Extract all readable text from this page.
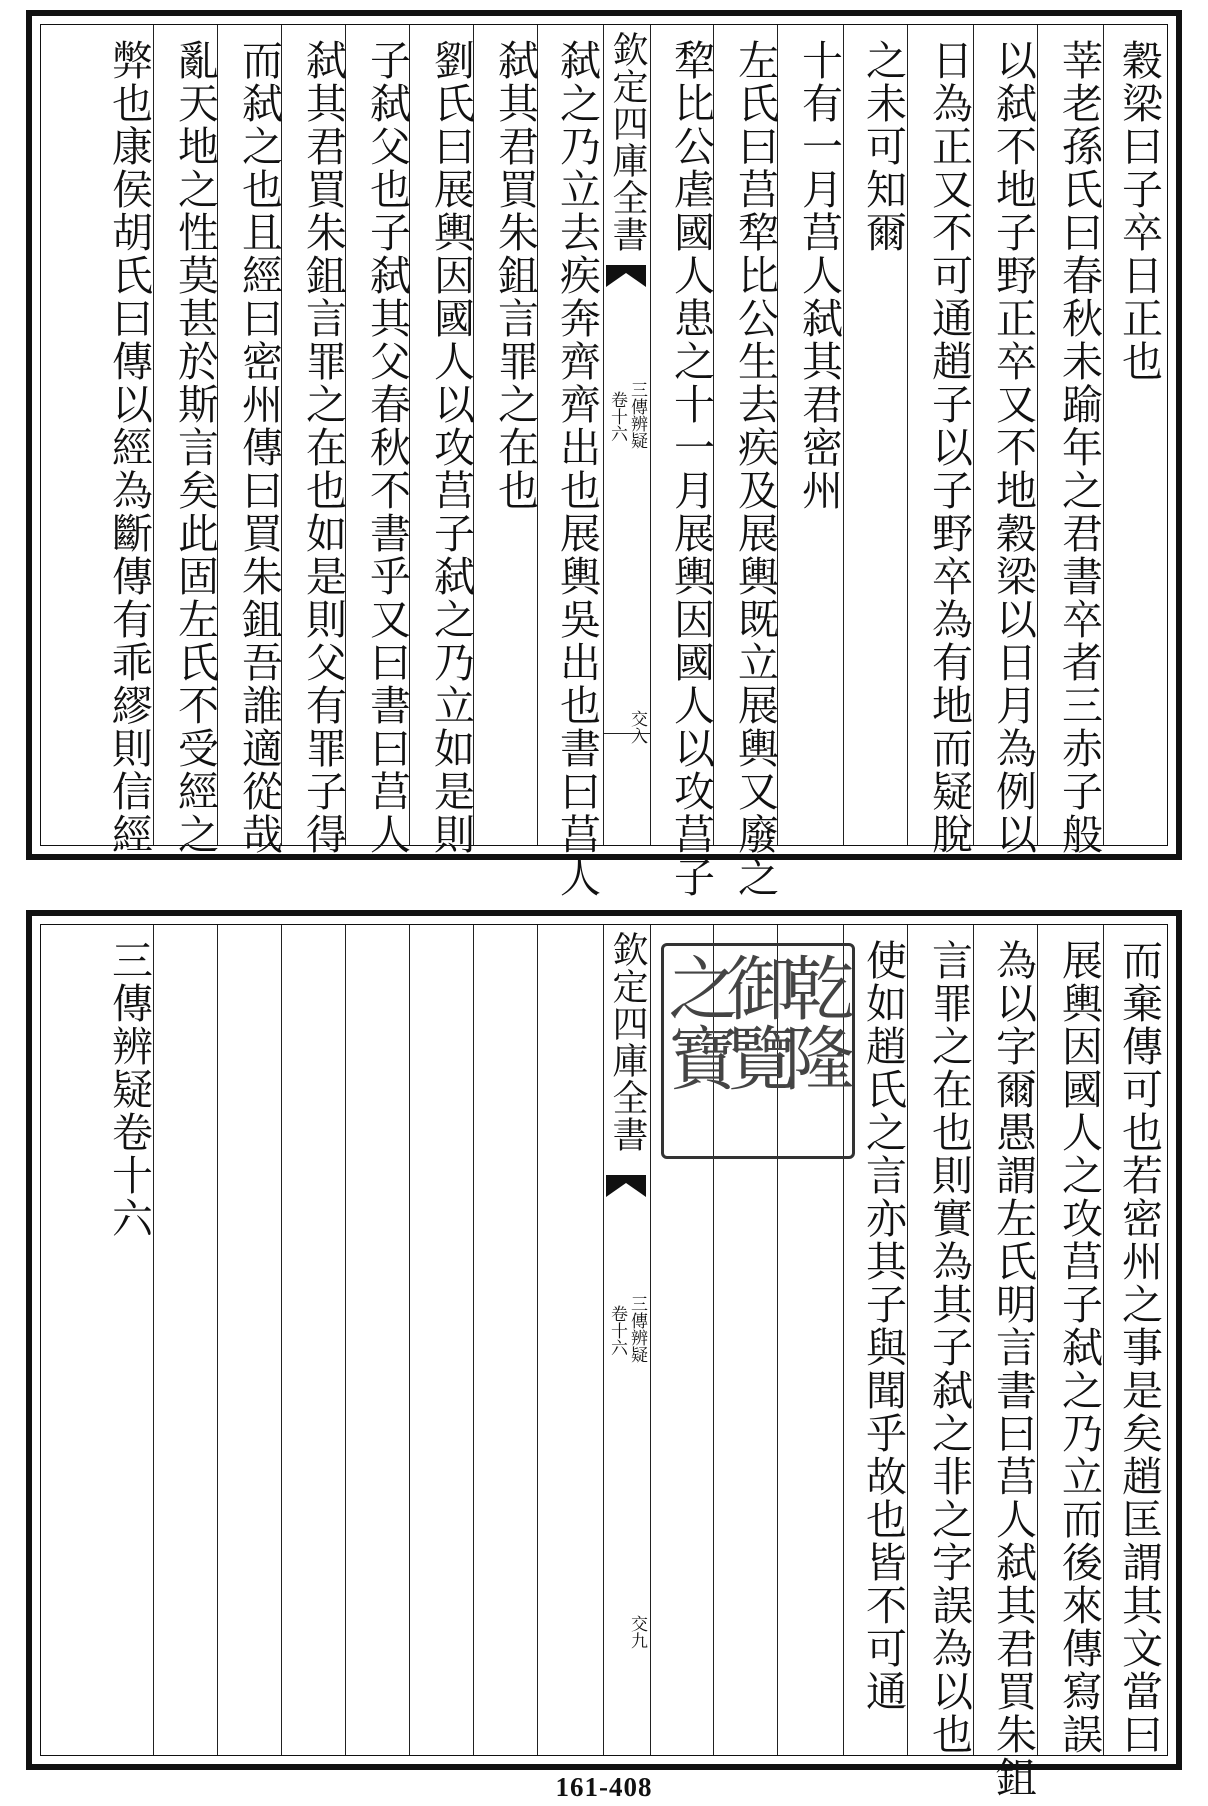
穀梁曰子卒日正也
莘老孫氏曰春秋未踰年之君書卒者三赤子般
以弑不地子野正卒又不地穀梁以日月為例以
日為正又不可通趙子以子野卒為有地而疑脫
之未可知爾
十有一月莒人弑其君密州
左氏曰莒犂比公生去疾及展輿既立展輿又廢之
犂比公虐國人患之十一月展輿因國人以攻莒子
欽定四庫全書
三傳辨疑
卷十六
交入
弑之乃立去疾奔齊齊出也展輿吳出也書曰莒人
弑其君買朱鉏言罪之在也
劉氏曰展輿因國人以攻莒子弑之乃立如是則
子弑父也子弑其父春秋不書乎又曰書曰莒人
弑其君買朱鉏言罪之在也如是則父有罪子得
而弑之也且經曰密州傳曰買朱鉏吾誰適從哉
亂天地之性莫甚於斯言矣此固左氏不受經之
弊也康侯胡氏曰傳以經為斷傳有乖繆則信經
而棄傳可也若密州之事是矣趙匡謂其文當曰
展輿因國人之攻莒子弑之乃立而後來傳寫誤
為以字爾愚謂左氏明言書曰莒人弑其君買朱鉏
言罪之在也則實為其子弑之非之字誤為以也
使如趙氏之言亦其子與聞乎故也皆不可通
乾隆
御覽
之寶
欽定四庫全書
三傳辨疑
卷十六
交九
三傳辨疑卷十六
161-408
